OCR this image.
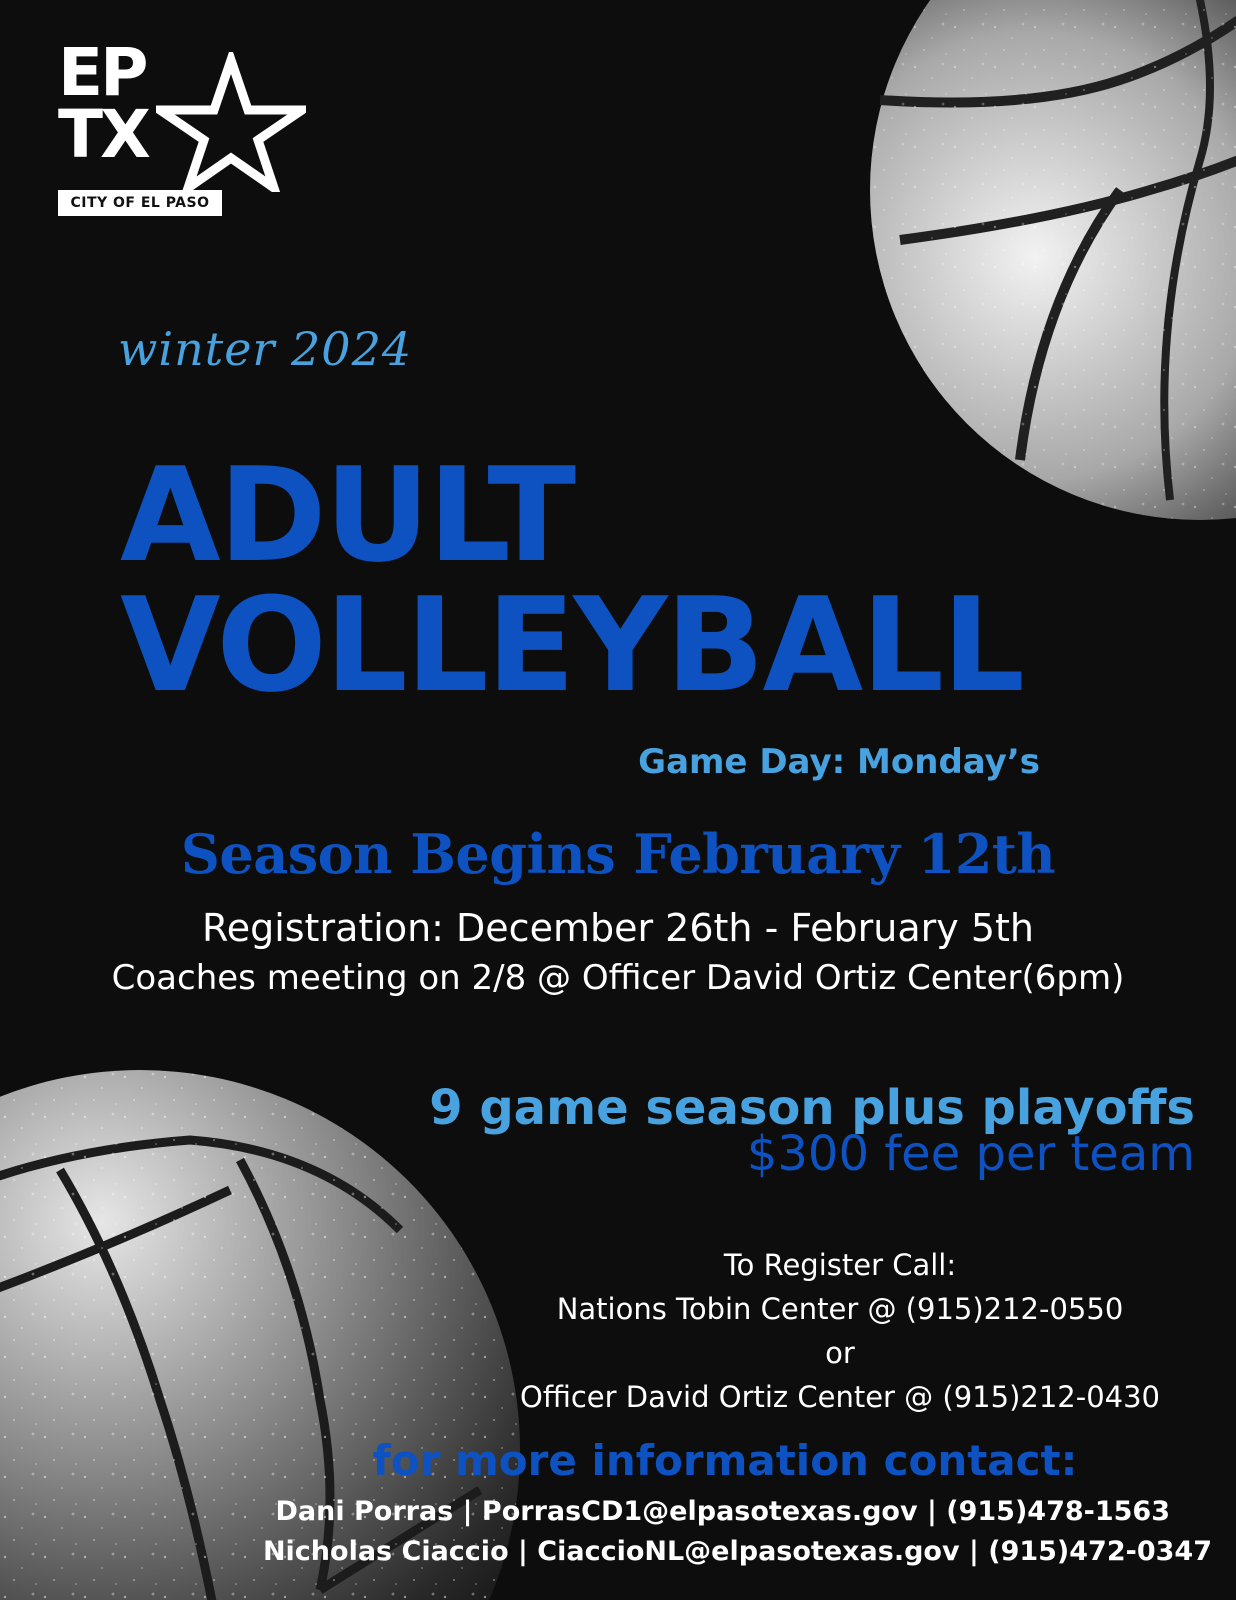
EP
TX
CITY OF EL PASO
winter 2024
ADULT
VOLLEYBALL
Game Day: Monday’s
Season Begins February 12th
Registration: December 26th - February 5th
Coaches meeting on 2/8 @ Officer David Ortiz Center(6pm)
9 game season plus playoffs
$300 fee per team
To Register Call:
Nations Tobin Center @ (915)212-0550
or
Officer David Ortiz Center @ (915)212-0430
for more information contact:
Dani Porras | PorrasCD1@elpasotexas.gov | (915)478-1563
Nicholas Ciaccio | CiaccioNL@elpasotexas.gov | (915)472-0347
